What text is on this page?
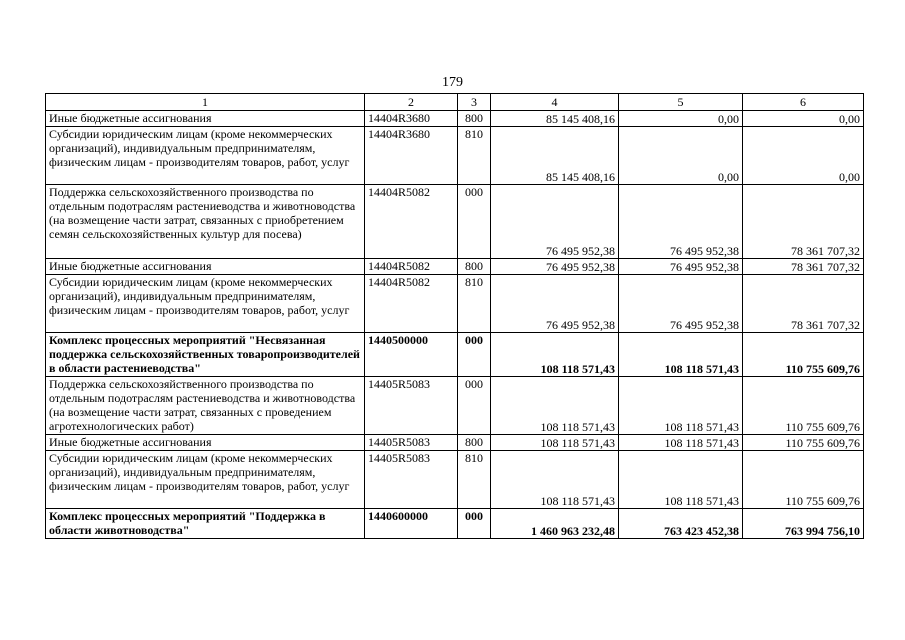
179
1	2	3	4	5	6
Иные бюджетные ассигнования	14404R3680	800	85 145 408,16	0,00	0,00
Субсидии юридическим лицам (кроме некоммерческих организаций), индивидуальным предпринимателям, физическим лицам - производителям товаров, работ, услуг	14404R3680	810	85 145 408,16	0,00	0,00
Поддержка сельскохозяйственного производства по отдельным подотраслям растениеводства и животноводства (на возмещение части затрат, связанных с приобретением семян сельскохозяйственных культур для посева)	14404R5082	000	76 495 952,38	76 495 952,38	78 361 707,32
Иные бюджетные ассигнования	14404R5082	800	76 495 952,38	76 495 952,38	78 361 707,32
Субсидии юридическим лицам (кроме некоммерческих организаций), индивидуальным предпринимателям, физическим лицам - производителям товаров, работ, услуг	14404R5082	810	76 495 952,38	76 495 952,38	78 361 707,32
Комплекс процессных мероприятий "Несвязанная поддержка сельскохозяйственных товаропроизводителей в области растениеводства"	1440500000	000	108 118 571,43	108 118 571,43	110 755 609,76
Поддержка сельскохозяйственного производства по отдельным подотраслям растениеводства и животноводства (на возмещение части затрат, связанных с проведением агротехнологических работ)	14405R5083	000	108 118 571,43	108 118 571,43	110 755 609,76
Иные бюджетные ассигнования	14405R5083	800	108 118 571,43	108 118 571,43	110 755 609,76
Субсидии юридическим лицам (кроме некоммерческих организаций), индивидуальным предпринимателям, физическим лицам - производителям товаров, работ, услуг	14405R5083	810	108 118 571,43	108 118 571,43	110 755 609,76
Комплекс процессных мероприятий "Поддержка в области животноводства"	1440600000	000	1 460 963 232,48	763 423 452,38	763 994 756,10
